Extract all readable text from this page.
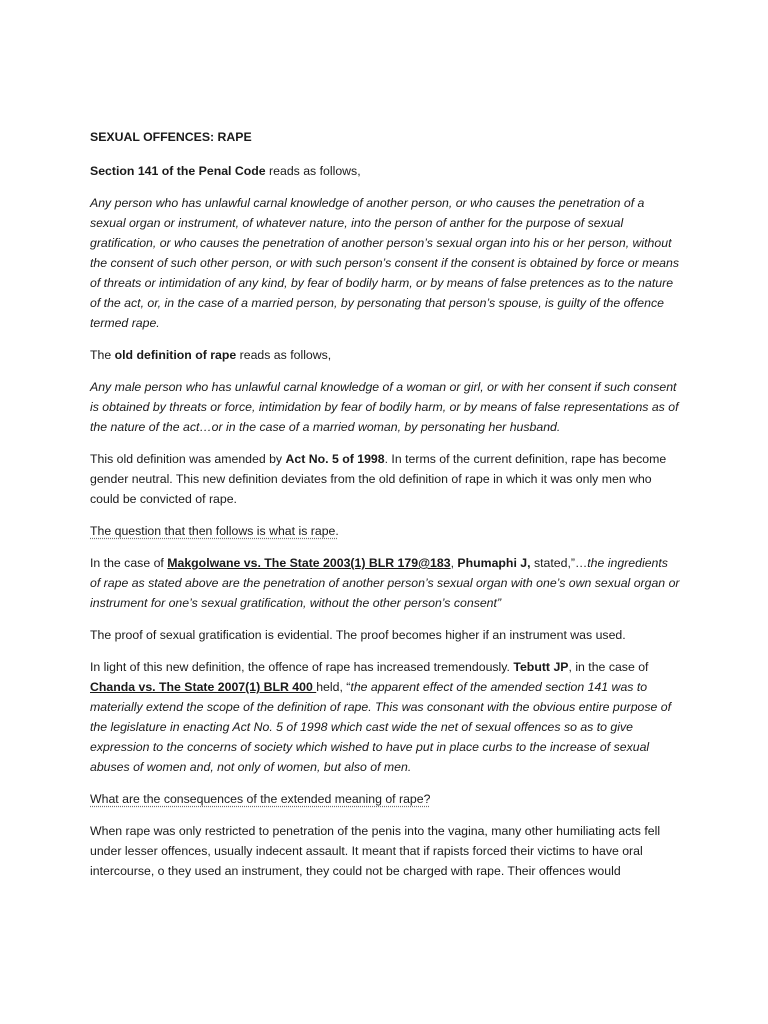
SEXUAL OFFENCES: RAPE

Section 141 of the Penal Code reads as follows,

Any person who has unlawful carnal knowledge of another person, or who causes the penetration of a sexual organ or instrument, of whatever nature, into the person of anther for the purpose of sexual gratification, or who causes the penetration of another person’s sexual organ into his or her person, without the consent of such other person, or with such person’s consent if the consent is obtained by force or means of threats or intimidation of any kind, by fear of bodily harm, or by means of false pretences as to the nature of the act, or, in the case of a married person, by personating that person’s spouse, is guilty of the offence termed rape.

The old definition of rape reads as follows,

Any male person who has unlawful carnal knowledge of a woman or girl, or with her consent if such consent is obtained by threats or force, intimidation by fear of bodily harm, or by means of false representations as of the nature of the act…or in the case of a married woman, by personating her husband.

This old definition was amended by Act No. 5 of 1998. In terms of the current definition, rape has become gender neutral. This new definition deviates from the old definition of rape in which it was only men who could be convicted of rape.

The question that then follows is what is rape.

In the case of Makgolwane vs. The State 2003(1) BLR 179@183, Phumaphi J, stated,”…the ingredients of rape as stated above are the penetration of another person’s sexual organ with one’s own sexual organ or instrument for one’s sexual gratification, without the other person’s consent”

The proof of sexual gratification is evidential. The proof becomes higher if an instrument was used.

In light of this new definition, the offence of rape has increased tremendously. Tebutt JP, in the case of Chanda vs. The State 2007(1) BLR 400 held, “the apparent effect of the amended section 141 was to materially extend the scope of the definition of rape. This was consonant with the obvious entire purpose of the legislature in enacting Act No. 5 of 1998 which cast wide the net of sexual offences so as to give expression to the concerns of society which wished to have put in place curbs to the increase of sexual abuses of women and, not only of women, but also of men.

What are the consequences of the extended meaning of rape?

When rape was only restricted to penetration of the penis into the vagina, many other humiliating acts fell under lesser offences, usually indecent assault. It meant that if rapists forced their victims to have oral intercourse, o they used an instrument, they could not be charged with rape. Their offences would
